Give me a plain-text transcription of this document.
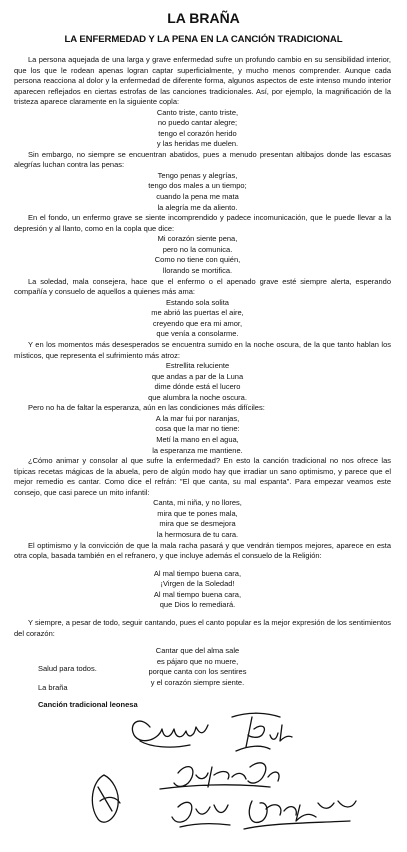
LA BRAÑA
LA ENFERMEDAD Y LA PENA EN LA CANCIÓN TRADICIONAL

La persona aquejada de una larga y grave enfermedad sufre un profundo cambio en su sensibilidad interior, que los que le rodean apenas logran captar superficialmente, y mucho menos comprender. Aunque cada persona reacciona al dolor y la enfermedad de diferente forma, algunos aspectos de este intenso mundo interior aparecen reflejados en ciertas estrofas de las canciones tradicionales. Así, por ejemplo, la magnificación de la tristeza aparece claramente en la siguiente copla:

Canto triste, canto triste,

no puedo cantar alegre;

tengo el corazón herido

y las heridas me duelen.

Sin embargo, no siempre se encuentran abatidos, pues a menudo presentan altibajos donde las escasas alegrías luchan contra las penas:

Tengo penas y alegrías,

tengo dos males a un tiempo;

cuando la pena me mata

la alegría me da aliento.

En el fondo, un enfermo grave se siente incomprendido y padece incomunicación, que le puede llevar a la depresión y al llanto, como en la copla que dice:

Mi corazón siente pena,

pero no la comunica.

Como no tiene con quién,

llorando se mortifica.

La soledad, mala consejera, hace que el enfermo o el apenado grave esté siempre alerta, esperando compañía y consuelo de aquellos a quienes más ama:

Estando sola solita

me abrió las puertas el aire,

creyendo que era mi amor,

que venía a consolarme.

Y en los momentos más desesperados se encuentra sumido en la noche oscura, de la que tanto hablan los místicos, que representa el sufrimiento más atroz:

Estrellita reluciente

que andas a par de la Luna

dime dónde está el lucero

que alumbra la noche oscura.

Pero no ha de faltar la esperanza, aún en las condiciones más difíciles:

A la mar fui por naranjas,

cosa que la mar no tiene:

Metí la mano en el agua,

la esperanza me mantiene.

¿Cómo animar y consolar al que sufre la enfermedad? En esto la canción tradicional no nos ofrece las típicas recetas mágicas de la abuela, pero de algún modo hay que irradiar un sano optimismo, y parece que el mejor remedio es cantar. Como dice el refrán: "El que canta, su mal espanta". Para empezar veamos este consejo, que casi parece un mito infantil:

Canta, mi niña, y no llores,

mira que te pones mala,

mira que se desmejora

la hermosura de tu cara.

El optimismo y la convicción de que la mala racha pasará y que vendrán tiempos mejores, aparece en esta otra copla, basada también en el refranero, y que incluye además el consuelo de la Religión:

Al mal tiempo buena cara,

¡Virgen de la Soledad!

Al mal tiempo buena cara,

que Dios lo remediará.

Y siempre, a pesar de todo, seguir cantando, pues el canto popular es la mejor expresión de los sentimientos del corazón:

Cantar que del alma sale

es pájaro que no muere,

porque canta con los sentires

y el corazón siempre siente.

Salud para todos.
La braña
Canción tradicional leonesa
